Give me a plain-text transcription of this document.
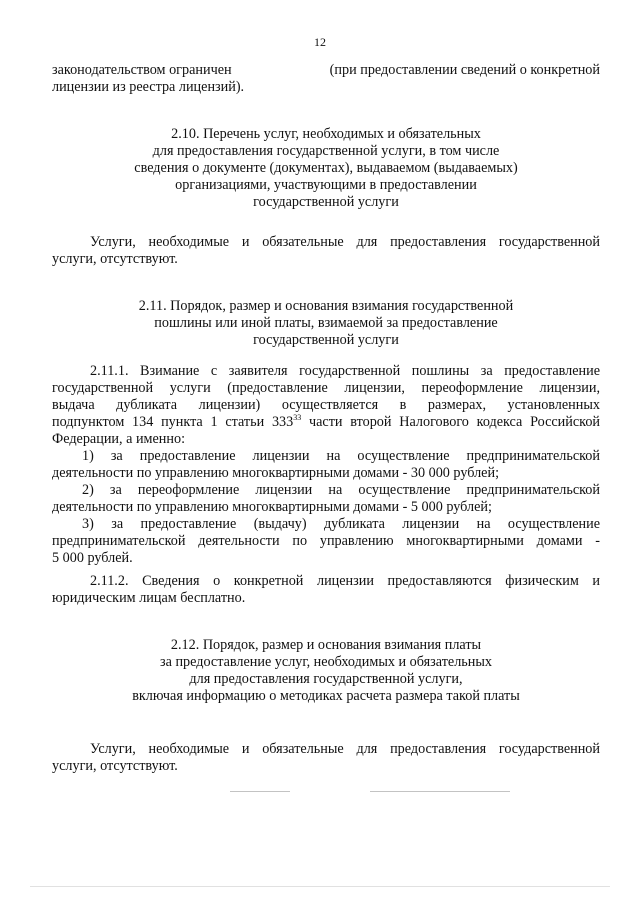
12
законодательством ограничен	(при предоставлении сведений о конкретной
лицензии из реестра лицензий).
2.10. Перечень услуг, необходимых и обязательных
для предоставления государственной услуги, в том числе
сведения о документе (документах), выдаваемом (выдаваемых)
организациями, участвующими в предоставлении
государственной услуги
Услуги, необходимые и обязательные для предоставления государственной
услуги, отсутствуют.
2.11. Порядок, размер и основания взимания государственной
пошлины или иной платы, взимаемой за предоставление
государственной услуги
2.11.1. Взимание с заявителя государственной пошлины за предоставление
государственной услуги (предоставление лицензии, переоформление лицензии,
выдача дубликата лицензии) осуществляется в размерах, установленных
подпунктом 134 пункта 1 статьи $333^{33}$ части второй Налогового кодекса Российской
Федерации, а именно:
1) за предоставление лицензии на осуществление предпринимательской
деятельности по управлению многоквартирными домами - 30 000 рублей;
2) за переоформление лицензии на осуществление предпринимательской
деятельности по управлению многоквартирными домами - 5 000 рублей;
3) за предоставление (выдачу) дубликата лицензии на осуществление
предпринимательской деятельности по управлению многоквартирными домами -
5 000 рублей.
2.11.2. Сведения о конкретной лицензии предоставляются физическим и
юридическим лицам бесплатно.
2.12. Порядок, размер и основания взимания платы
за предоставление услуг, необходимых и обязательных
для предоставления государственной услуги,
включая информацию о методиках расчета размера такой платы
Услуги, необходимые и обязательные для предоставления государственной
услуги, отсутствуют.
